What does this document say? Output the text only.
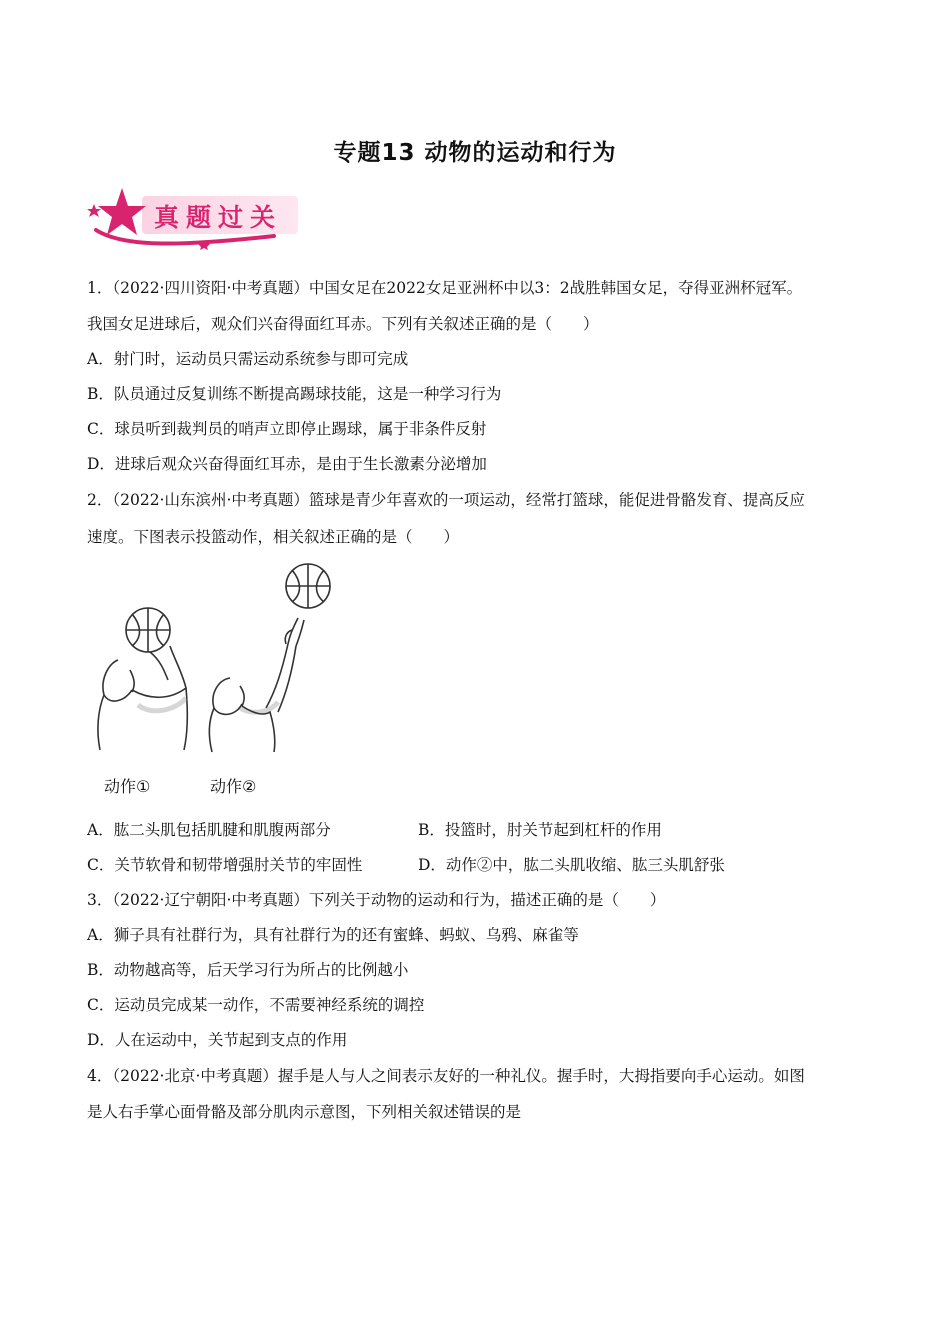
专题13 动物的运动和行为
真题过关
1．（2022·四川资阳·中考真题）中国女足在2022女足亚洲杯中以3：2战胜韩国女足，夺得亚洲杯冠军。
我国女足进球后，观众们兴奋得面红耳赤。下列有关叙述正确的是（　　）
A．射门时，运动员只需运动系统参与即可完成
B．队员通过反复训练不断提高踢球技能，这是一种学习行为
C．球员听到裁判员的哨声立即停止踢球，属于非条件反射
D．进球后观众兴奋得面红耳赤，是由于生长激素分泌增加
2．（2022·山东滨州·中考真题）篮球是青少年喜欢的一项运动，经常打篮球，能促进骨骼发育、提高反应
速度。下图表示投篮动作，相关叙述正确的是（　　）
动作①	动作②
A．肱二头肌包括肌腱和肌腹两部分	B．投篮时，肘关节起到杠杆的作用
C．关节软骨和韧带增强肘关节的牢固性	D．动作②中，肱二头肌收缩、肱三头肌舒张
3．（2022·辽宁朝阳·中考真题）下列关于动物的运动和行为，描述正确的是（　　）
A．狮子具有社群行为，具有社群行为的还有蜜蜂、蚂蚁、乌鸦、麻雀等
B．动物越高等，后天学习行为所占的比例越小
C．运动员完成某一动作，不需要神经系统的调控
D．人在运动中，关节起到支点的作用
4．（2022·北京·中考真题）握手是人与人之间表示友好的一种礼仪。握手时，大拇指要向手心运动。如图
是人右手掌心面骨骼及部分肌肉示意图，下列相关叙述错误的是
